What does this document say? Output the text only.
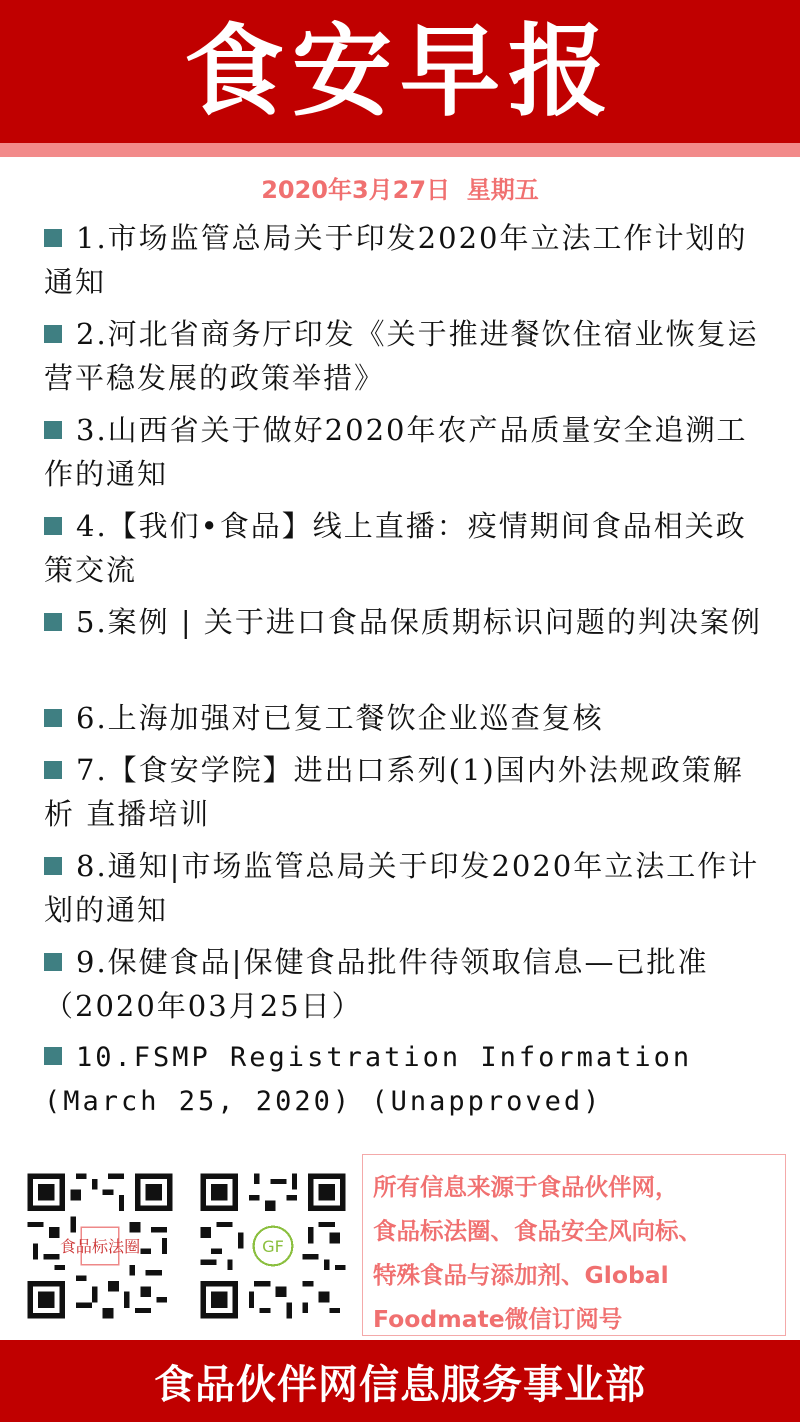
食安早报
2020年3月27日  星期五
1.市场监管总局关于印发2020年立法工作计划的通知
2.河北省商务厅印发《关于推进餐饮住宿业恢复运营平稳发展的政策举措》
3.山西省关于做好2020年农产品质量安全追溯工作的通知
4.【我们•食品】线上直播：疫情期间食品相关政策交流
5.案例 | 关于进口食品保质期标识问题的判决案例
6.上海加强对已复工餐饮企业巡查复核
7.【食安学院】进出口系列(1)国内外法规政策解析 直播培训
8.通知|市场监管总局关于印发2020年立法工作计划的通知
9.保健食品|保健食品批件待领取信息—已批准（2020年03月25日）
10.FSMP Registration Information (March 25, 2020) (Unapproved)
食品标法圈	GF
所有信息来源于食品伙伴网，
食品标法圈、食品安全风向标、
特殊食品与添加剂、Global
Foodmate微信订阅号
食品伙伴网信息服务事业部
